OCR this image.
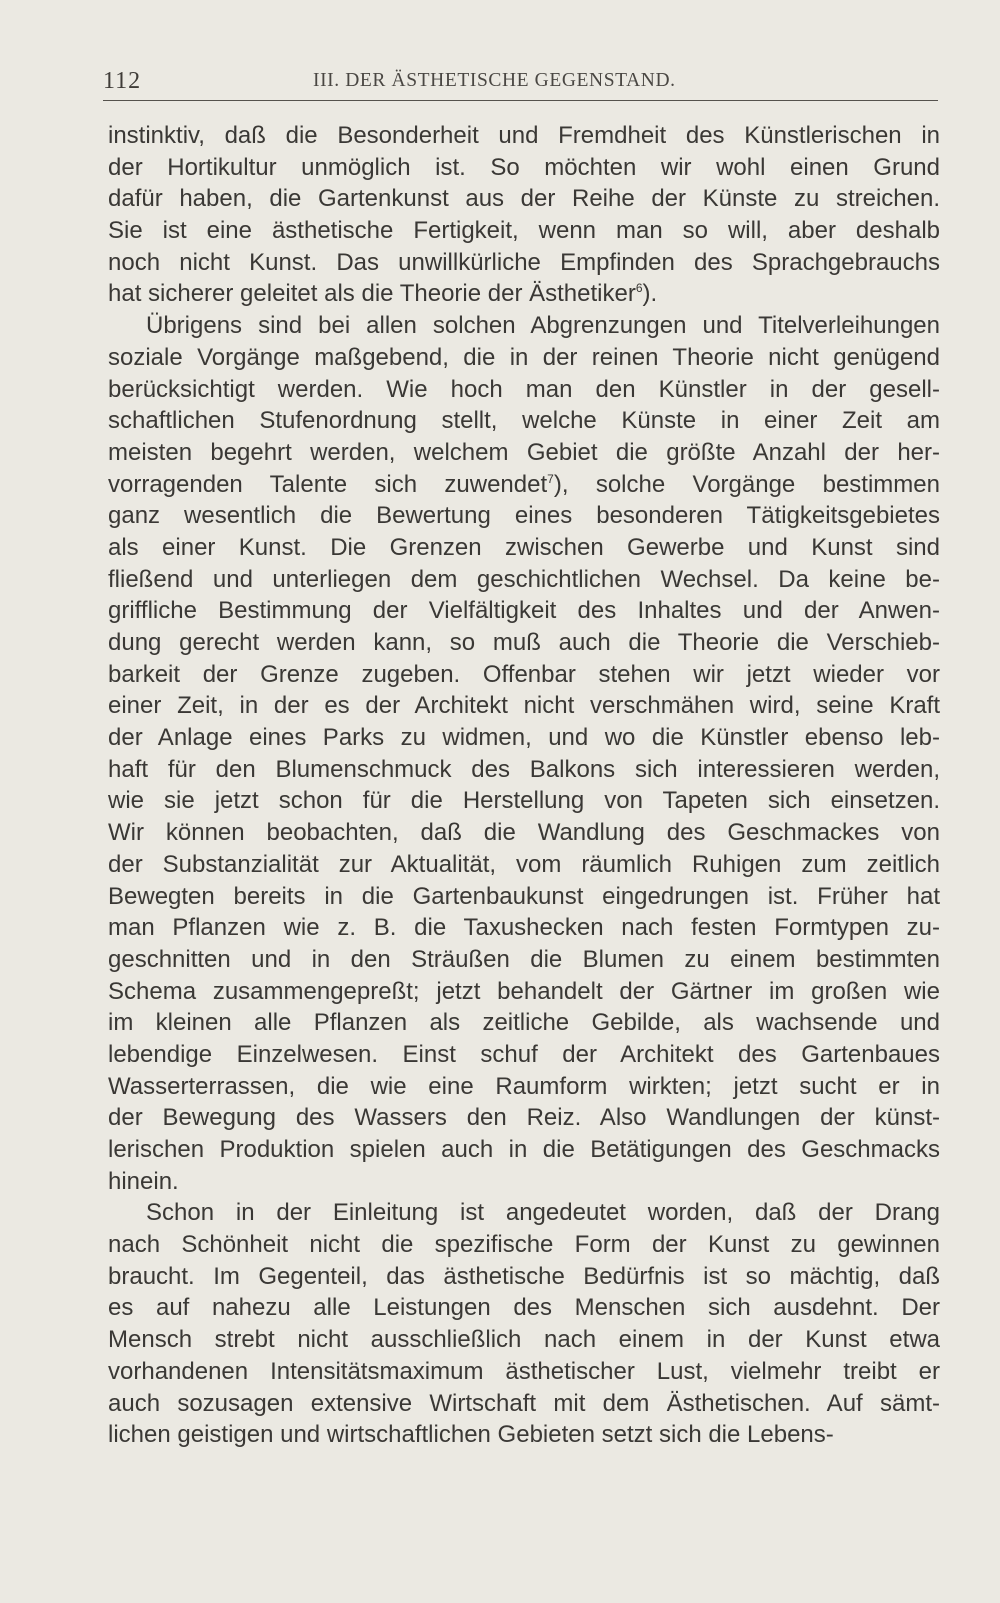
112	III. DER ÄSTHETISCHE GEGENSTAND.
instinktiv, daß die Besonderheit und Fremdheit des Künstlerischen in
der Hortikultur unmöglich ist. So möchten wir wohl einen Grund
dafür haben, die Gartenkunst aus der Reihe der Künste zu streichen.
Sie ist eine ästhetische Fertigkeit, wenn man so will, aber deshalb
noch nicht Kunst. Das unwillkürliche Empfinden des Sprachgebrauchs
hat sicherer geleitet als die Theorie der Ästhetiker$^6$).
Übrigens sind bei allen solchen Abgrenzungen und Titelverleihungen
soziale Vorgänge maßgebend, die in der reinen Theorie nicht genügend
berücksichtigt werden. Wie hoch man den Künstler in der gesell-
schaftlichen Stufenordnung stellt, welche Künste in einer Zeit am
meisten begehrt werden, welchem Gebiet die größte Anzahl der her-
vorragenden Talente sich zuwendet$^7$), solche Vorgänge bestimmen
ganz wesentlich die Bewertung eines besonderen Tätigkeitsgebietes
als einer Kunst. Die Grenzen zwischen Gewerbe und Kunst sind
fließend und unterliegen dem geschichtlichen Wechsel. Da keine be-
griffliche Bestimmung der Vielfältigkeit des Inhaltes und der Anwen-
dung gerecht werden kann, so muß auch die Theorie die Verschieb-
barkeit der Grenze zugeben. Offenbar stehen wir jetzt wieder vor
einer Zeit, in der es der Architekt nicht verschmähen wird, seine Kraft
der Anlage eines Parks zu widmen, und wo die Künstler ebenso leb-
haft für den Blumenschmuck des Balkons sich interessieren werden,
wie sie jetzt schon für die Herstellung von Tapeten sich einsetzen.
Wir können beobachten, daß die Wandlung des Geschmackes von
der Substanzialität zur Aktualität, vom räumlich Ruhigen zum zeitlich
Bewegten bereits in die Gartenbaukunst eingedrungen ist. Früher hat
man Pflanzen wie z. B. die Taxushecken nach festen Formtypen zu-
geschnitten und in den Sträußen die Blumen zu einem bestimmten
Schema zusammengepreßt; jetzt behandelt der Gärtner im großen wie
im kleinen alle Pflanzen als zeitliche Gebilde, als wachsende und
lebendige Einzelwesen. Einst schuf der Architekt des Gartenbaues
Wasserterrassen, die wie eine Raumform wirkten; jetzt sucht er in
der Bewegung des Wassers den Reiz. Also Wandlungen der künst-
lerischen Produktion spielen auch in die Betätigungen des Geschmacks
hinein.
Schon in der Einleitung ist angedeutet worden, daß der Drang
nach Schönheit nicht die spezifische Form der Kunst zu gewinnen
braucht. Im Gegenteil, das ästhetische Bedürfnis ist so mächtig, daß
es auf nahezu alle Leistungen des Menschen sich ausdehnt. Der
Mensch strebt nicht ausschließlich nach einem in der Kunst etwa
vorhandenen Intensitätsmaximum ästhetischer Lust, vielmehr treibt er
auch sozusagen extensive Wirtschaft mit dem Ästhetischen. Auf sämt-
lichen geistigen und wirtschaftlichen Gebieten setzt sich die Lebens-
